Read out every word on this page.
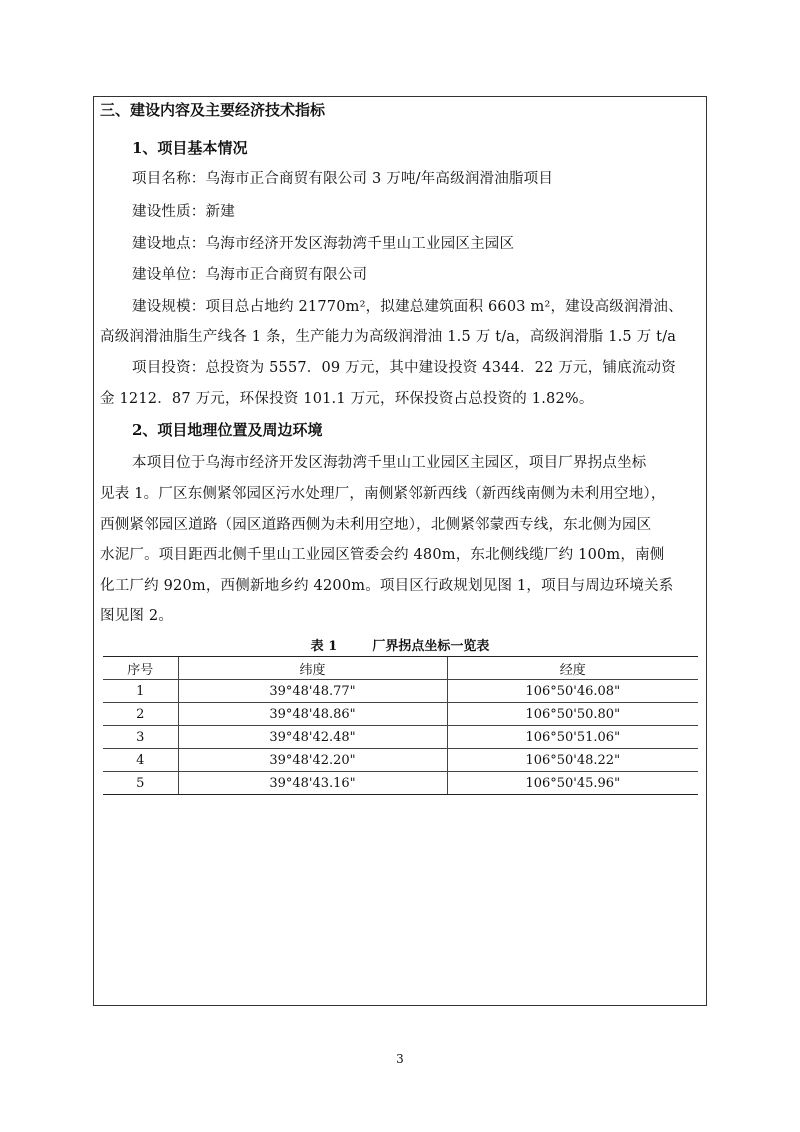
三、建设内容及主要经济技术指标
1、项目基本情况
项目名称：乌海市正合商贸有限公司 3 万吨/年高级润滑油脂项目
建设性质：新建
建设地点：乌海市经济开发区海勃湾千里山工业园区主园区
建设单位：乌海市正合商贸有限公司
建设规模：项目总占地约 21770m²，拟建总建筑面积 6603 m²，建设高级润滑油、
高级润滑油脂生产线各 1 条，生产能力为高级润滑油 1.5 万 t/a，高级润滑脂 1.5 万 t/a
项目投资：总投资为 5557．09 万元，其中建设投资 4344．22 万元，铺底流动资
金 1212．87 万元，环保投资 101.1 万元，环保投资占总投资的 1.82%。
2、项目地理位置及周边环境
本项目位于乌海市经济开发区海勃湾千里山工业园区主园区，项目厂界拐点坐标
见表 1。厂区东侧紧邻园区污水处理厂，南侧紧邻新西线（新西线南侧为未利用空地），
西侧紧邻园区道路（园区道路西侧为未利用空地），北侧紧邻蒙西专线，东北侧为园区
水泥厂。项目距西北侧千里山工业园区管委会约 480m，东北侧线缆厂约 100m，南侧
化工厂约 920m，西侧新地乡约 4200m。项目区行政规划见图 1，项目与周边环境关系
图见图 2。
表 1	厂界拐点坐标一览表
序号	纬度	经度
1	39°48'48.77"	106°50'46.08"
2	39°48'48.86"	106°50'50.80"
3	39°48'42.48"	106°50'51.06"
4	39°48'42.20"	106°50'48.22"
5	39°48'43.16"	106°50'45.96"
3
